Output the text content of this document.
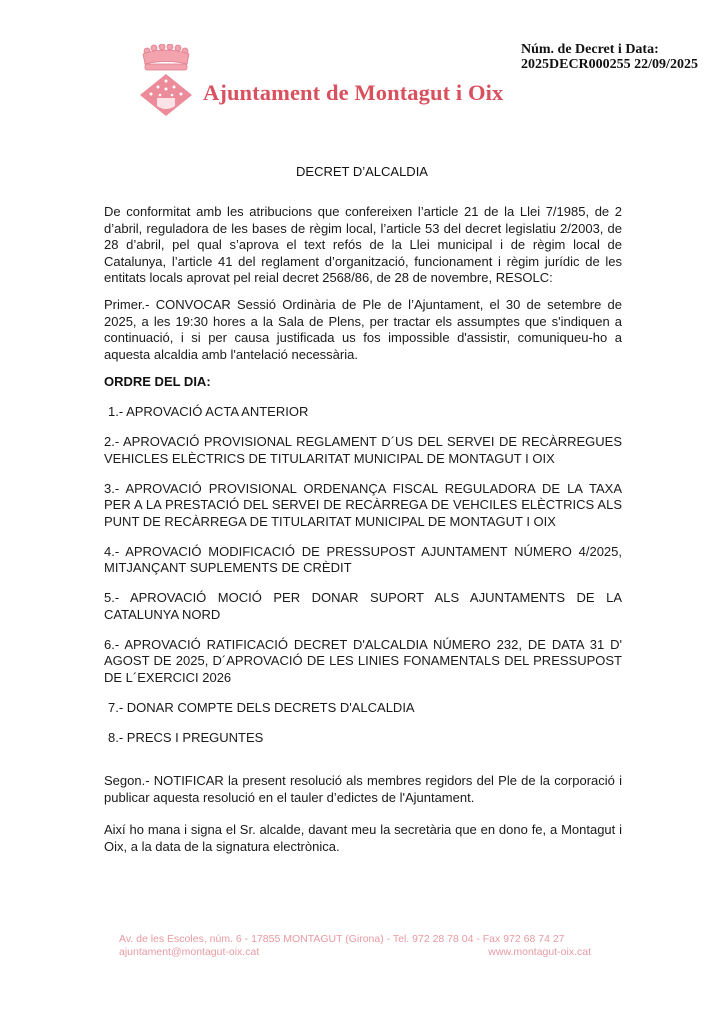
Ajuntament de Montagut i Oix
Núm. de Decret i Data:
2025DECR000255 22/09/2025
DECRET D’ALCALDIA

De conformitat amb les atribucions que confereixen l’article 21 de la Llei 7/1985, de 2 d’abril, reguladora de les bases de règim local, l’article 53 del decret legislatiu 2/2003, de 28 d’abril, pel qual s’aprova el text refós de la Llei municipal i de règim local de Catalunya, l’article 41 del reglament d’organització, funcionament i règim jurídic de les entitats locals aprovat pel reial decret 2568/86, de 28 de novembre, RESOLC:

Primer.- CONVOCAR Sessió Ordinària de Ple de l’Ajuntament, el 30 de setembre de 2025, a les 19:30 hores a la Sala de Plens, per tractar els assumptes que s'indiquen a continuació, i si per causa justificada us fos impossible d'assistir, comuniqueu-ho a aquesta alcaldia amb l'antelació necessària.

ORDRE DEL DIA:

1.- APROVACIÓ ACTA ANTERIOR

2.- APROVACIÓ PROVISIONAL REGLAMENT D´US DEL SERVEI DE RECÀRREGUES VEHICLES ELÈCTRICS DE TITULARITAT MUNICIPAL DE MONTAGUT I OIX

3.- APROVACIÓ PROVISIONAL ORDENANÇA FISCAL REGULADORA DE LA TAXA PER A LA PRESTACIÓ DEL SERVEI DE RECÀRREGA DE VEHCILES ELÈCTRICS ALS PUNT DE RECÀRREGA DE TITULARITAT MUNICIPAL DE MONTAGUT I OIX

4.- APROVACIÓ MODIFICACIÓ DE PRESSUPOST AJUNTAMENT NÚMERO 4/2025, MITJANÇANT SUPLEMENTS DE CRÈDIT

5.- APROVACIÓ MOCIÓ PER DONAR SUPORT ALS AJUNTAMENTS DE LA CATALUNYA NORD

6.- APROVACIÓ RATIFICACIÓ DECRET D'ALCALDIA NÚMERO 232, DE DATA 31 D' AGOST DE 2025, D´APROVACIÓ DE LES LINIES FONAMENTALS DEL PRESSUPOST DE L´EXERCICI 2026

7.- DONAR COMPTE DELS DECRETS D'ALCALDIA

8.- PRECS I PREGUNTES

Segon.- NOTIFICAR la present resolució als membres regidors del Ple de la corporació i publicar aquesta resolució en el tauler d’edictes de l'Ajuntament.

Així ho mana i signa el Sr. alcalde, davant meu la secretària que en dono fe, a Montagut i Oix, a la data de la signatura electrònica.

Av. de les Escoles, núm. 6 - 17855 MONTAGUT (Girona) - Tel. 972 28 78 04 - Fax 972 68 74 27
ajuntament@montagut-oix.cat	www.montagut-oix.cat
